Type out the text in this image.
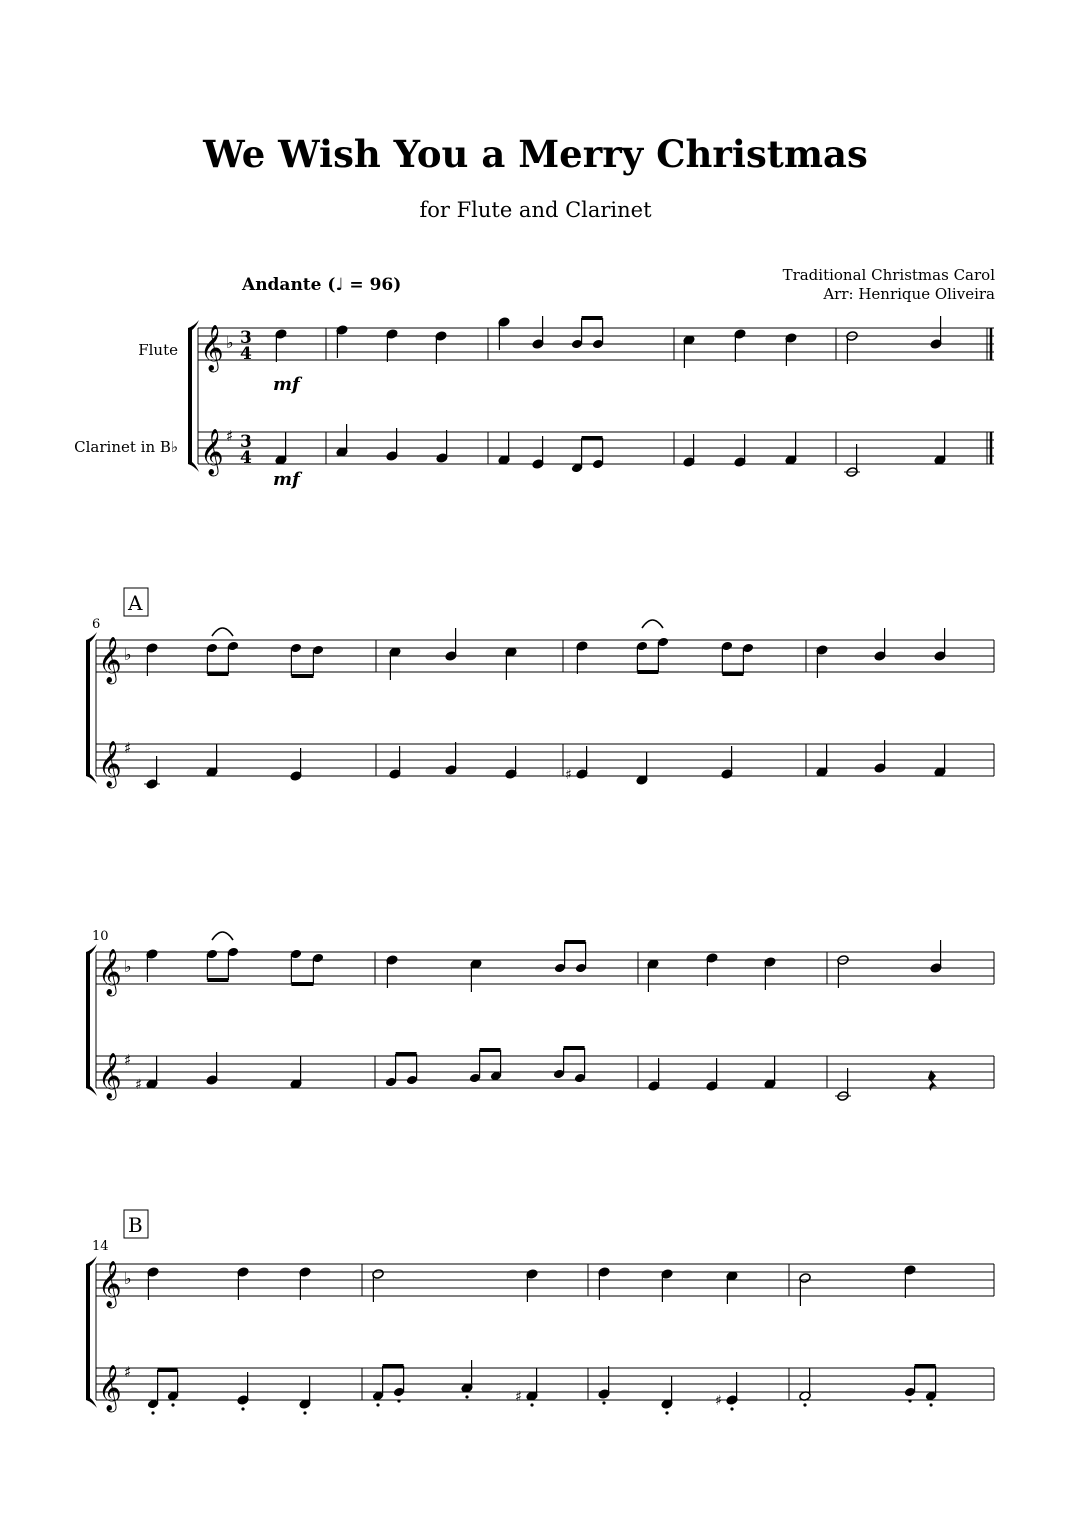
We Wish You a Merry Christmas
for Flute and Clarinet
Traditional Christmas Carol
Arr: Henrique Oliveira
Andante (♩ = 96)
Flute
Clarinet in B♭
𝄞
𝄞
♭
♯
3
4
3
4
mf
mf
A
6
𝄞
𝄞
♭
♯
♯
10
𝄞
𝄞
♭
♯
♯
B
14
𝄞
𝄞
♭
♯
♯	♯
